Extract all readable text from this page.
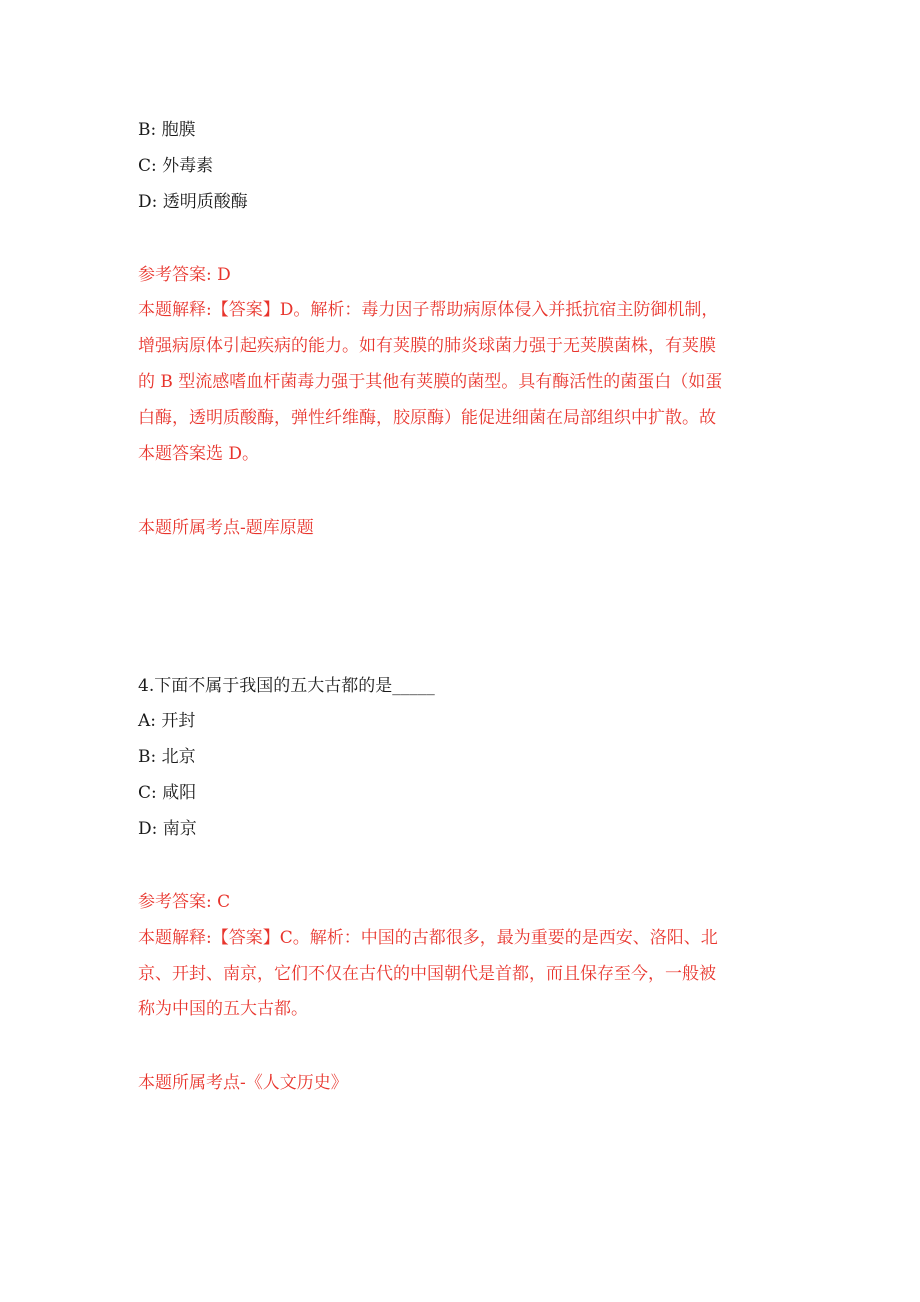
B: 胞膜
C: 外毒素
D: 透明质酸酶
参考答案: D
本题解释:【答案】D。解析：毒力因子帮助病原体侵入并抵抗宿主防御机制，
增强病原体引起疾病的能力。如有荚膜的肺炎球菌力强于无荚膜菌株，有荚膜
的 B 型流感嗜血杆菌毒力强于其他有荚膜的菌型。具有酶活性的菌蛋白（如蛋
白酶，透明质酸酶，弹性纤维酶，胶原酶）能促进细菌在局部组织中扩散。故
本题答案选 D。
本题所属考点-题库原题
4.下面不属于我国的五大古都的是_____
A: 开封
B: 北京
C: 咸阳
D: 南京
参考答案: C
本题解释:【答案】C。解析：中国的古都很多，最为重要的是西安、洛阳、北
京、开封、南京，它们不仅在古代的中国朝代是首都，而且保存至今，一般被
称为中国的五大古都。
本题所属考点-《人文历史》
